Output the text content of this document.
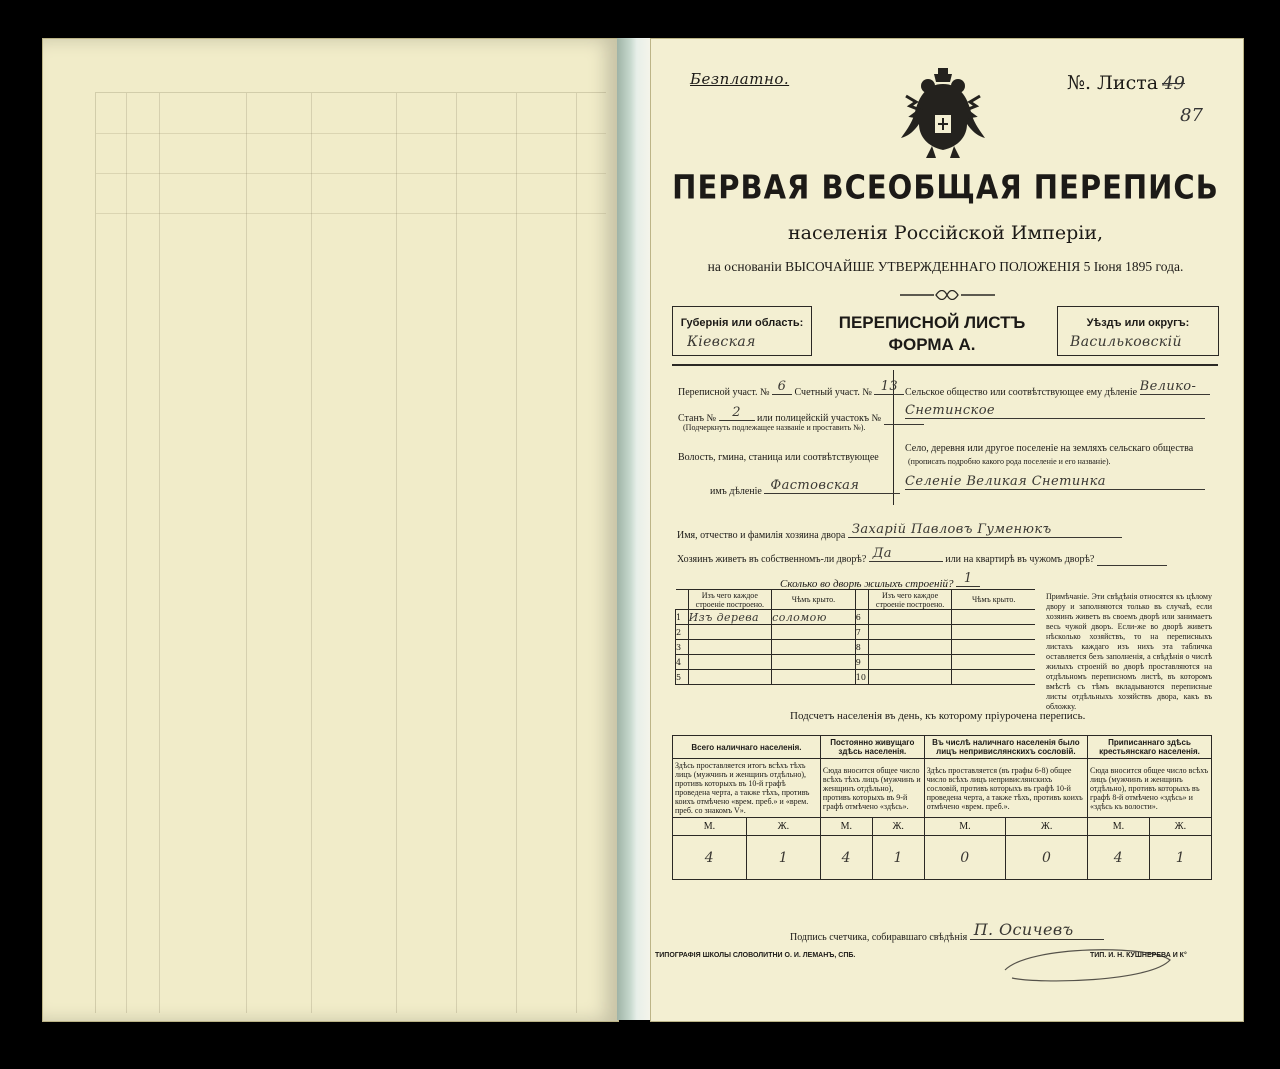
Безплатно.	№. Листа 49
87
ПЕРВАЯ ВСЕОБЩАЯ ПЕРЕПИСЬ
населенія Россійской Имперіи,
на основаніи ВЫСОЧАЙШЕ УТВЕРЖДЕННАГО ПОЛОЖЕНІЯ 5 Іюня 1895 года.
Губернія или область:
Кіевская
ПЕРЕПИСНОЙ ЛИСТЪ
ФОРМА А.
Уѣздъ или округъ:
Васильковскій
Переписной участ. № 6 Счетный участ. № 13
Станъ № 2 или полицейскій участокъ №
(Подчеркнуть подлежащее названіе и проставить №).
Волость, гмина, станица или соотвѣтствующее
имъ дѣленіе Фастовская
Сельское общество или соотвѣтствующее ему дѣленіе Велико-
Снетинское
Село, деревня или другое поселеніе на земляхъ сельскаго общества
(прописать подробно какого рода поселеніе и его названіе).
Селеніе Великая Снетинка
Имя, отчество и фамилія хозяина двора Захарій Павловъ Гуменюкъ
Хозяинъ живетъ въ собственномъ-ли дворѣ? Да	или на квартирѣ въ чужомъ дворѣ?
Сколько во дворѣ жилыхъ строеній? 1
	Изъ чего каждое строеніе построено.	Чѣмъ крыто.		Изъ чего каждое строеніе построено.	Чѣмъ крыто.
1	Изъ дерева	соломою	6		
2			7		
3			8		
4			9		
5			10		
Примѣчаніе. Эти свѣдѣнія относятся къ цѣлому двору и заполняются только въ случаѣ, если хозяинъ живетъ въ своемъ дворѣ или занимаетъ весь чужой дворъ. Если-же во дворѣ живетъ нѣсколько хозяйствъ, то на переписныхъ листахъ каждаго изъ нихъ эта табличка оставляется безъ заполненія, а свѣдѣнія о числѣ жилыхъ строеній во дворѣ проставляются на отдѣльномъ переписномъ листѣ, въ которомъ вмѣстѣ съ тѣмъ вкладываются переписные листы отдѣльныхъ хозяйствъ двора, какъ въ обложку.
Подсчетъ населенія въ день, къ которому пріурочена перепись.
Всего наличнаго населенія.		Постоянно живущаго здѣсь населенія.		Въ числѣ наличнаго населенія было лицъ непривислянскихъ сословій.		Приписаннаго здѣсь крестьянскаго населенія.	
Здѣсь проставляется итогъ всѣхъ тѣхъ лицъ (мужчинъ и женщинъ отдѣльно), противъ которыхъ въ 10-й графѣ проведена черта, а также тѣхъ, противъ коихъ отмѣчено «врем. преб.» и «врем. преб. со знакомъ V».		Сюда вносится общее число всѣхъ тѣхъ лицъ (мужчинъ и женщинъ отдѣльно), противъ которыхъ въ 9-й графѣ отмѣчено «здѣсь».		Здѣсь проставляется (въ графы 6-8) общее число всѣхъ лицъ непривислянскихъ сословій, противъ которыхъ въ графѣ 10-й проведена черта, а также тѣхъ, противъ коихъ отмѣчено «врем. преб.».		Сюда вносится общее число всѣхъ лицъ (мужчинъ и женщинъ отдѣльно), противъ которыхъ въ графѣ 8-й отмѣчено «здѣсь» и «здѣсь къ волости».	
М.	Ж.	М.	Ж.	М.	Ж.	М.	Ж.
4	1	4	1	0	0	4	1
Подпись счетчика, собиравшаго свѣдѣнія П. Осичевъ
ТИПОГРАФІЯ ШКОЛЫ СЛОВОЛИТНИ О. И. ЛЕМАНЪ, СПБ.	ТИП. И. Н. КУШНЕРЕВА И К°
